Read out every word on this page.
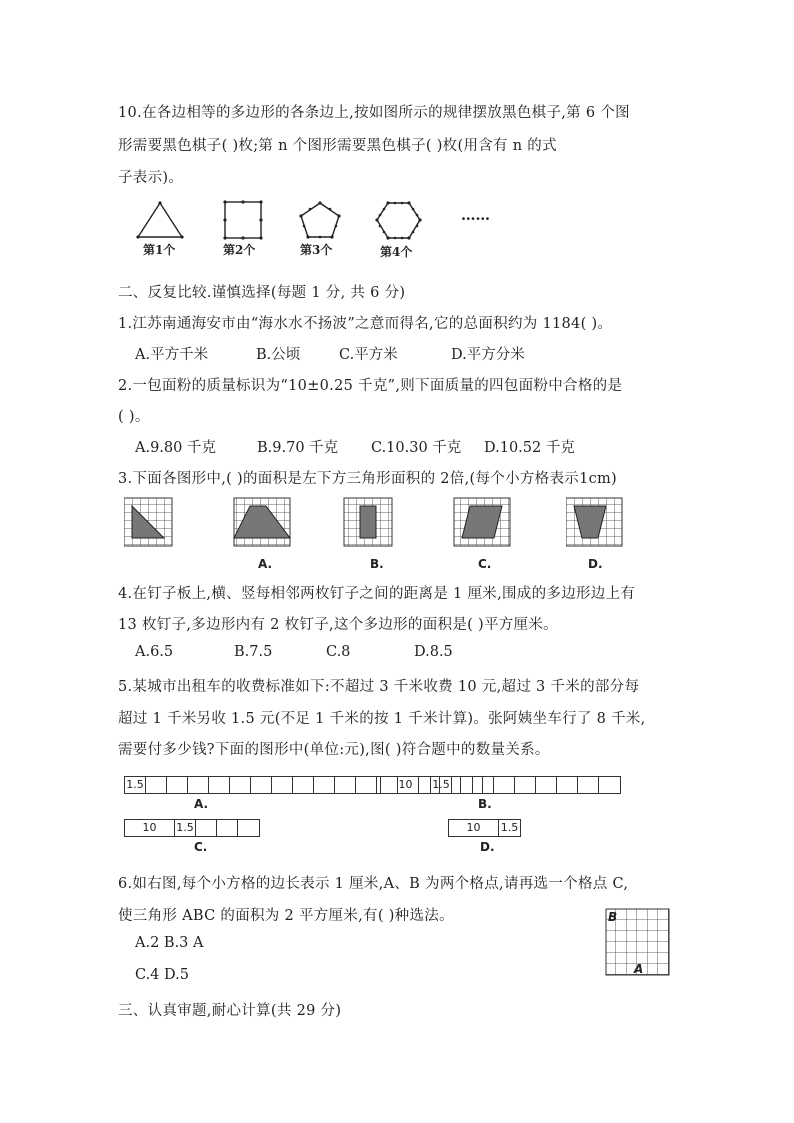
10.在各边相等的多边形的各条边上,按如图所示的规律摆放黑色棋子,第 6 个图
形需要黑色棋子( )枚;第 n 个图形需要黑色棋子( )枚(用含有 n 的式
子表示)。
第1个	第2个	第3个	第4个
……
二、反复比较.谨慎选择(每题 1 分, 共 6 分)
1.江苏南通海安市由“海水水不扬波”之意而得名,它的总面积约为 1184( )。
A.平方千米	B.公顷	C.平方米	D.平方分米
2.一包面粉的质量标识为“10±0.25 千克”,则下面质量的四包面粉中合格的是
( )。
A.9.80 千克	B.9.70 千克 C.10.30 千克 D.10.52 千克
3.下面各图形中,( )的面积是左下方三角形面积的 2倍,(每个小方格表示1cm)
A.	B.	C.	D.
4.在钉子板上,横、竖每相邻两枚钉子之间的距离是 1 厘米,围成的多边形边上有
13 枚钉子,多边形内有 2 枚钉子,这个多边形的面积是( )平方厘米。
A.6.5	B.7.5	C.8	D.8.5
5.某城市出租车的收费标准如下:不超过 3 千米收费 10 元,超过 3 千米的部分每
超过 1 千米另收 1.5 元(不足 1 千米的按 1 千米计算)。张阿姨坐车行了 8 千米,
需要付多少钱?下面的图形中(单位:元),图( )符合题中的数量关系。
1.5
A.
10	1.5
B.
10	1.5
C.
10	1.5
D.
6.如右图,每个小方格的边长表示 1 厘米,A、B 为两个格点,请再选一个格点 C,
使三角形 ABC 的面积为 2 平方厘米,有( )种选法。
A.2 B.3 A
C.4 D.5
B
A
三、认真审题,耐心计算(共 29 分)
